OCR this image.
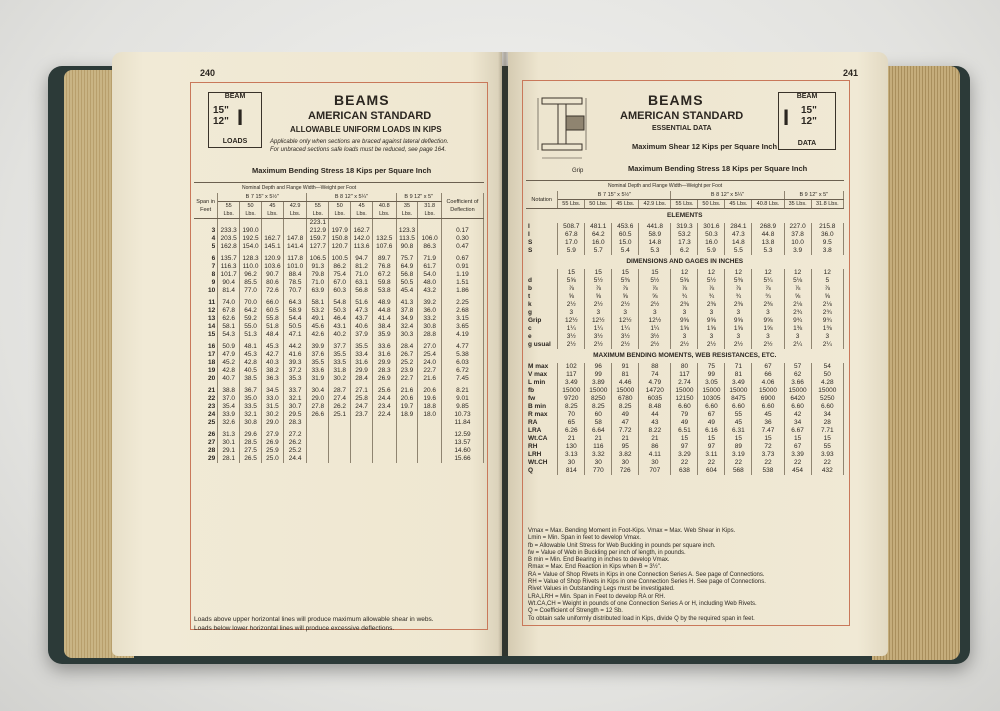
240
BEAM
15"
12" I
LOADS
BEAMS
AMERICAN STANDARD
ALLOWABLE UNIFORM LOADS IN KIPS
Applicable only when sections are braced against lateral deflection.
For unbraced sections safe loads must be reduced, see page 164.
Maximum Bending Stress 18 Kips per Square Inch
Nominal Depth and Flange Width—Weight per Foot
Span in Feet	B 7 15" x 5½"				B 8 12" x 5¼"				B 9 12" x 5"		Coefficient of Deflection
	55 Lbs.	50 Lbs.	45 Lbs.	42.9 Lbs.	55 Lbs.	50 Lbs.	45 Lbs.	40.8 Lbs.	35 Lbs.	31.8 Lbs.	
					223.1						
3	233.3	190.0			212.9	197.9	162.7		123.3		0.17
4	203.5	192.5	162.7	147.8	159.7	150.8	142.0	132.5	113.5	106.0	0.30
5	162.8	154.0	145.1	141.4	127.7	120.7	113.6	107.6	90.8	86.3	0.47
6	135.7	128.3	120.9	117.8	106.5	100.5	94.7	89.7	75.7	71.9	0.67
7	116.3	110.0	103.6	101.0	91.3	86.2	81.2	76.8	64.9	61.7	0.91
8	101.7	96.2	90.7	88.4	79.8	75.4	71.0	67.2	56.8	54.0	1.19
9	90.4	85.5	80.6	78.5	71.0	67.0	63.1	59.8	50.5	48.0	1.51
10	81.4	77.0	72.6	70.7	63.9	60.3	56.8	53.8	45.4	43.2	1.86
11	74.0	70.0	66.0	64.3	58.1	54.8	51.6	48.9	41.3	39.2	2.25
12	67.8	64.2	60.5	58.9	53.2	50.3	47.3	44.8	37.8	36.0	2.68
13	62.6	59.2	55.8	54.4	49.1	46.4	43.7	41.4	34.9	33.2	3.15
14	58.1	55.0	51.8	50.5	45.6	43.1	40.6	38.4	32.4	30.8	3.65
15	54.3	51.3	48.4	47.1	42.6	40.2	37.9	35.9	30.3	28.8	4.19
16	50.9	48.1	45.3	44.2	39.9	37.7	35.5	33.6	28.4	27.0	4.77
17	47.9	45.3	42.7	41.6	37.6	35.5	33.4	31.6	26.7	25.4	5.38
18	45.2	42.8	40.3	39.3	35.5	33.5	31.6	29.9	25.2	24.0	6.03
19	42.8	40.5	38.2	37.2	33.6	31.8	29.9	28.3	23.9	22.7	6.72
20	40.7	38.5	36.3	35.3	31.9	30.2	28.4	26.9	22.7	21.6	7.45
21	38.8	36.7	34.5	33.7	30.4	28.7	27.1	25.6	21.6	20.6	8.21
22	37.0	35.0	33.0	32.1	29.0	27.4	25.8	24.4	20.6	19.6	9.01
23	35.4	33.5	31.5	30.7	27.8	26.2	24.7	23.4	19.7	18.8	9.85
24	33.9	32.1	30.2	29.5	26.6	25.1	23.7	22.4	18.9	18.0	10.73
25	32.6	30.8	29.0	28.3							11.84
26	31.3	29.6	27.9	27.2							12.59
27	30.1	28.5	26.9	26.2							13.57
28	29.1	27.5	25.9	25.2							14.60
29	28.1	26.5	25.0	24.4							15.66
Loads above upper horizontal lines will produce maximum allowable shear in webs.
Loads below lower horizontal lines will produce excessive deflections.
241
Grip
BEAMS
AMERICAN STANDARD
ESSENTIAL DATA
Maximum Shear 12 Kips per Square Inch
Maximum Bending Stress 18 Kips per Square Inch
BEAM
I 15"
12"
DATA
Nominal Depth and Flange Width—Weight per Foot
Notation	B 7 15" x 5½"				B 8 12" x 5¼"				B 9 12" x 5"	
	55 Lbs.	50 Lbs.	45 Lbs.	42.9 Lbs.	55 Lbs.	50 Lbs.	45 Lbs.	40.8 Lbs.	35 Lbs.	31.8 Lbs.
ELEMENTS										
I	508.7	481.1	453.6	441.8	319.3	301.6	284.1	268.9	227.0	215.8
I	67.8	64.2	60.5	58.9	53.2	50.3	47.3	44.8	37.8	36.0
S	17.0	16.0	15.0	14.8	17.3	16.0	14.8	13.8	10.0	9.5
S	5.9	5.7	5.4	5.3	6.2	5.9	5.5	5.3	3.9	3.8
DIMENSIONS AND GAGES IN INCHES										
	15	15	15	15	12	12	12	12	12	12
d	5⅝	5½	5⅜	5½	5⅝	5½	5⅜	5¼	5⅛	5
b	⅞	⅞	⅞	⅞	⅞	⅞	⅞	⅞	⅞	⅞
t	⅝	⅝	⅝	⅝	¾	¾	¾	¾	⅝	⅝
k	2½	2½	2½	2½	2⅜	2⅜	2⅜	2⅜	2⅛	2⅛
g	3	3	3	3	3	3	3	3	2¾	2¾
Grip	12½	12½	12½	12½	9⅝	9⅝	9⅝	9⅝	9¾	9¾
c	1¼	1¼	1¼	1¼	1⅝	1⅝	1⅝	1⅝	1⅜	1⅜
e	3½	3½	3½	3½	3	3	3	3	3	3
g usual	2½	2½	2½	2½	2½	2½	2½	2½	2¼	2¼
MAXIMUM BENDING MOMENTS, WEB RESISTANCES, ETC.										
M max	102	96	91	88	80	75	71	67	57	54
V max	117	99	81	74	117	99	81	66	62	50
L min	3.49	3.89	4.46	4.79	2.74	3.05	3.49	4.06	3.66	4.28
fb	15000	15000	15000	14720	15000	15000	15000	15000	15000	15000
fw	9720	8250	6780	6035	12150	10305	8475	6900	6420	5250
B min	8.25	8.25	8.25	8.48	6.60	6.60	6.60	6.60	6.60	6.60
R max	70	60	49	44	79	67	55	45	42	34
RA	65	58	47	43	49	49	45	36	34	28
LRA	6.26	6.64	7.72	8.22	6.51	6.16	6.31	7.47	6.67	7.71
Wt.CA	21	21	21	21	15	15	15	15	15	15
RH	130	116	95	86	97	97	89	72	67	55
LRH	3.13	3.32	3.82	4.11	3.29	3.11	3.19	3.73	3.39	3.93
Wt.CH	30	30	30	30	22	22	22	22	22	22
Q	814	770	726	707	638	604	568	538	454	432
Vmax = Max. Bending Moment in Foot-Kips. Vmax = Max. Web Shear in Kips.
Lmin = Min. Span in feet to develop Vmax.
fb = Allowable Unit Stress for Web Buckling in pounds per square inch.
fw = Value of Web in Buckling per inch of length, in pounds.
B min = Min. End Bearing in inches to develop Vmax.
Rmax = Max. End Reaction in Kips when B = 3½".
RA = Value of Shop Rivets in Kips in one Connection Series A. See page of Connections.
RH = Value of Shop Rivets in Kips in one Connection Series H. See page of Connections.
Rivet Values in Outstanding Legs must be investigated.
LRA,LRH = Min. Span in Feet to develop RA or RH.
Wt.CA,CH = Weight in pounds of one Connection Series A or H, including Web Rivets.
Q = Coefficient of Strength = 12 Sb.
To obtain safe uniformly distributed load in Kips, divide Q by the required span in feet.
